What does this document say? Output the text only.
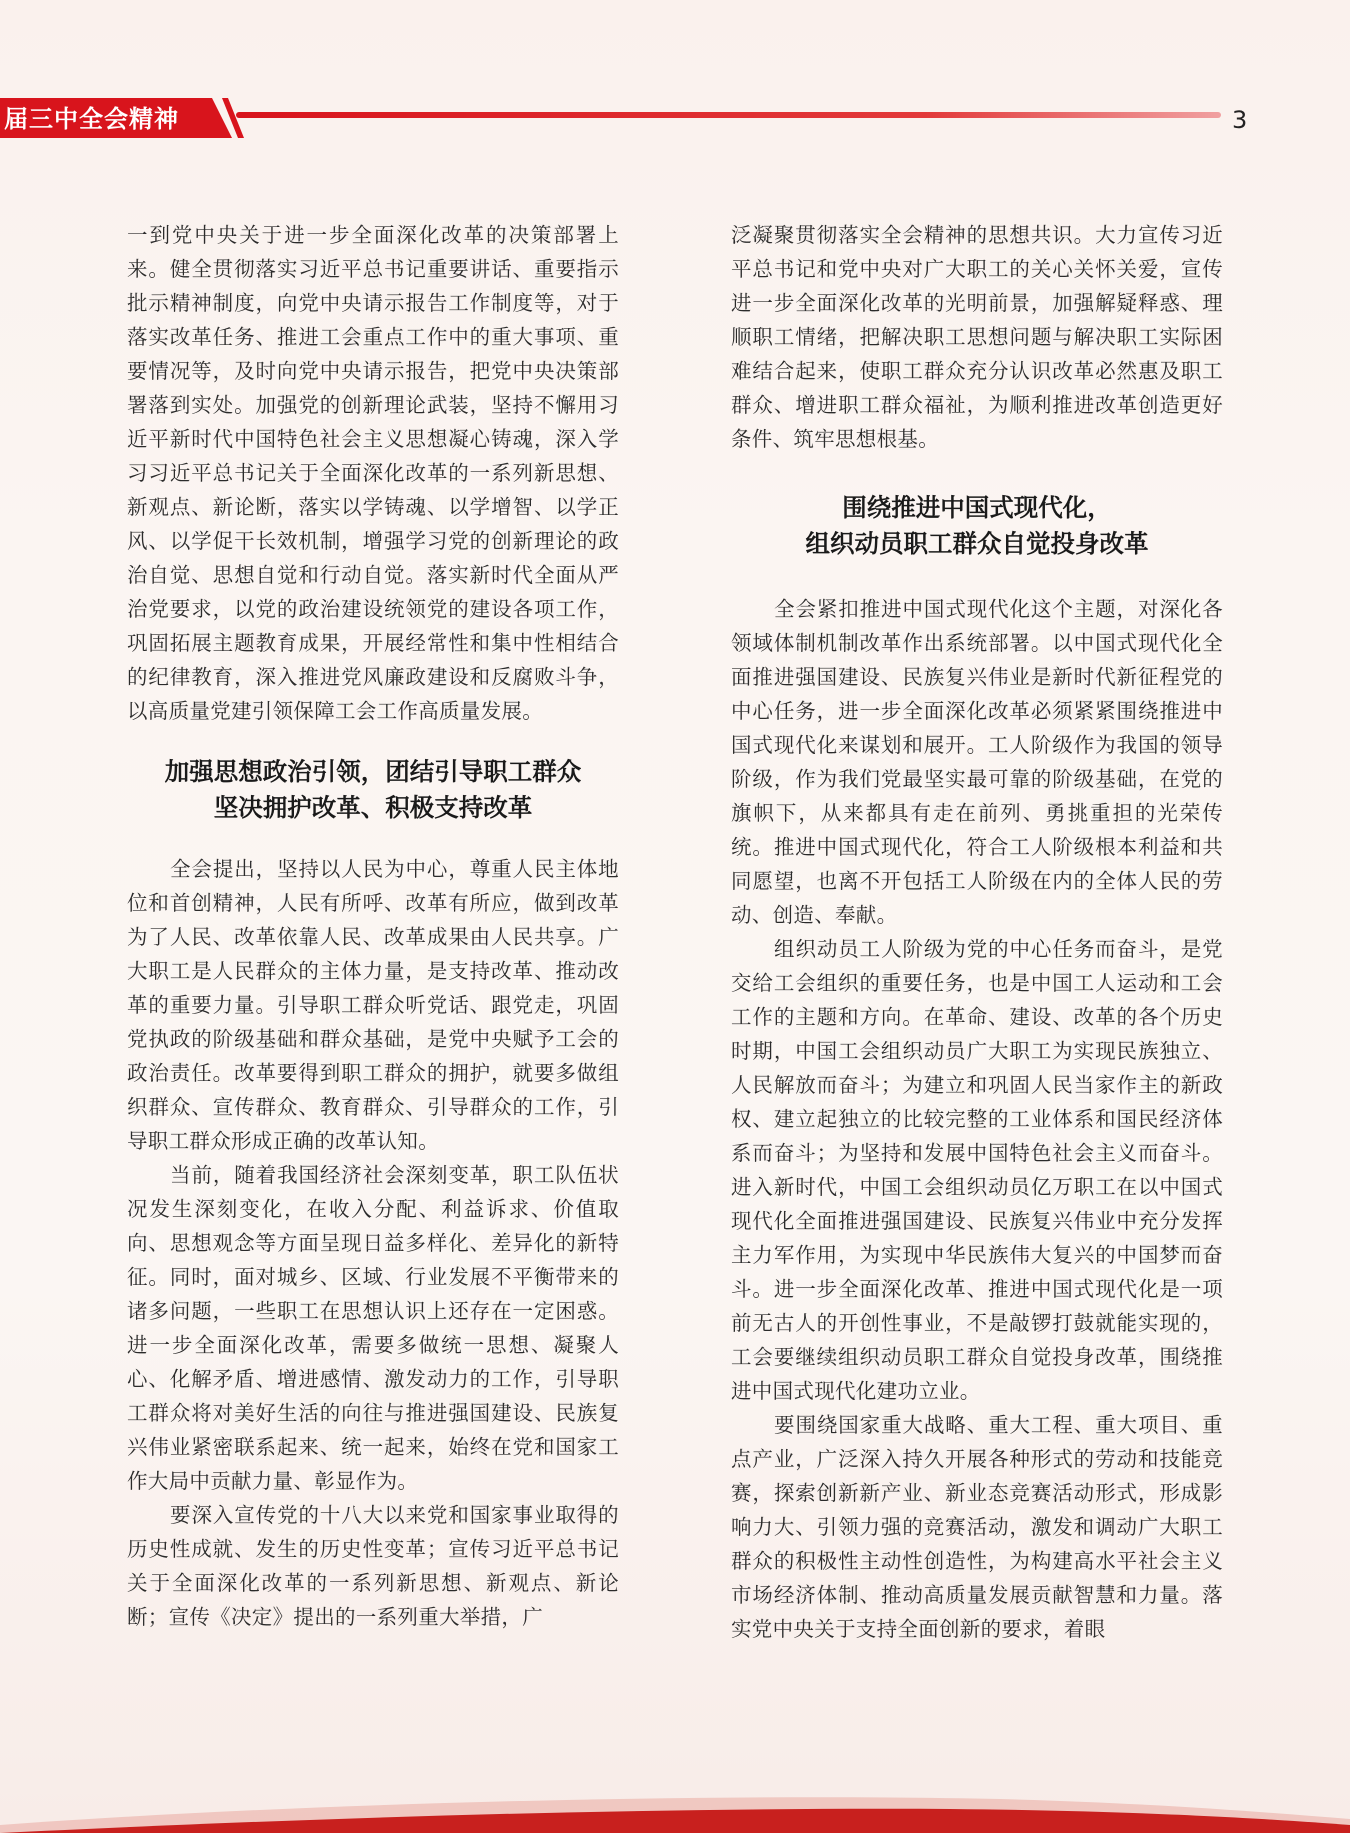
届三中全会精神	3

一到党中央关于进一步全面深化改革的决策部署上来。健全贯彻落实习近平总书记重要讲话、重要指示批示精神制度，向党中央请示报告工作制度等，对于落实改革任务、推进工会重点工作中的重大事项、重要情况等，及时向党中央请示报告，把党中央决策部署落到实处。加强党的创新理论武装，坚持不懈用习近平新时代中国特色社会主义思想凝心铸魂，深入学习习近平总书记关于全面深化改革的一系列新思想、新观点、新论断，落实以学铸魂、以学增智、以学正风、以学促干长效机制，增强学习党的创新理论的政治自觉、思想自觉和行动自觉。落实新时代全面从严治党要求，以党的政治建设统领党的建设各项工作，巩固拓展主题教育成果，开展经常性和集中性相结合的纪律教育，深入推进党风廉政建设和反腐败斗争，以高质量党建引领保障工会工作高质量发展。

加强思想政治引领，团结引导职工群众
坚决拥护改革、积极支持改革

全会提出，坚持以人民为中心，尊重人民主体地位和首创精神，人民有所呼、改革有所应，做到改革为了人民、改革依靠人民、改革成果由人民共享。广大职工是人民群众的主体力量，是支持改革、推动改革的重要力量。引导职工群众听党话、跟党走，巩固党执政的阶级基础和群众基础，是党中央赋予工会的政治责任。改革要得到职工群众的拥护，就要多做组织群众、宣传群众、教育群众、引导群众的工作，引导职工群众形成正确的改革认知。

当前，随着我国经济社会深刻变革，职工队伍状况发生深刻变化，在收入分配、利益诉求、价值取向、思想观念等方面呈现日益多样化、差异化的新特征。同时，面对城乡、区域、行业发展不平衡带来的诸多问题，一些职工在思想认识上还存在一定困惑。进一步全面深化改革，需要多做统一思想、凝聚人心、化解矛盾、增进感情、激发动力的工作，引导职工群众将对美好生活的向往与推进强国建设、民族复兴伟业紧密联系起来、统一起来，始终在党和国家工作大局中贡献力量、彰显作为。

要深入宣传党的十八大以来党和国家事业取得的历史性成就、发生的历史性变革；宣传习近平总书记关于全面深化改革的一系列新思想、新观点、新论断；宣传《决定》提出的一系列重大举措，广

泛凝聚贯彻落实全会精神的思想共识。大力宣传习近平总书记和党中央对广大职工的关心关怀关爱，宣传进一步全面深化改革的光明前景，加强解疑释惑、理顺职工情绪，把解决职工思想问题与解决职工实际困难结合起来，使职工群众充分认识改革必然惠及职工群众、增进职工群众福祉，为顺利推进改革创造更好条件、筑牢思想根基。

围绕推进中国式现代化，
组织动员职工群众自觉投身改革

全会紧扣推进中国式现代化这个主题，对深化各领域体制机制改革作出系统部署。以中国式现代化全面推进强国建设、民族复兴伟业是新时代新征程党的中心任务，进一步全面深化改革必须紧紧围绕推进中国式现代化来谋划和展开。工人阶级作为我国的领导阶级，作为我们党最坚实最可靠的阶级基础，在党的旗帜下，从来都具有走在前列、勇挑重担的光荣传统。推进中国式现代化，符合工人阶级根本利益和共同愿望，也离不开包括工人阶级在内的全体人民的劳动、创造、奉献。

组织动员工人阶级为党的中心任务而奋斗，是党交给工会组织的重要任务，也是中国工人运动和工会工作的主题和方向。在革命、建设、改革的各个历史时期，中国工会组织动员广大职工为实现民族独立、人民解放而奋斗；为建立和巩固人民当家作主的新政权、建立起独立的比较完整的工业体系和国民经济体系而奋斗；为坚持和发展中国特色社会主义而奋斗。进入新时代，中国工会组织动员亿万职工在以中国式现代化全面推进强国建设、民族复兴伟业中充分发挥主力军作用，为实现中华民族伟大复兴的中国梦而奋斗。进一步全面深化改革、推进中国式现代化是一项前无古人的开创性事业，不是敲锣打鼓就能实现的，工会要继续组织动员职工群众自觉投身改革，围绕推进中国式现代化建功立业。

要围绕国家重大战略、重大工程、重大项目、重点产业，广泛深入持久开展各种形式的劳动和技能竞赛，探索创新新产业、新业态竞赛活动形式，形成影响力大、引领力强的竞赛活动，激发和调动广大职工群众的积极性主动性创造性，为构建高水平社会主义市场经济体制、推动高质量发展贡献智慧和力量。落实党中央关于支持全面创新的要求，着眼
